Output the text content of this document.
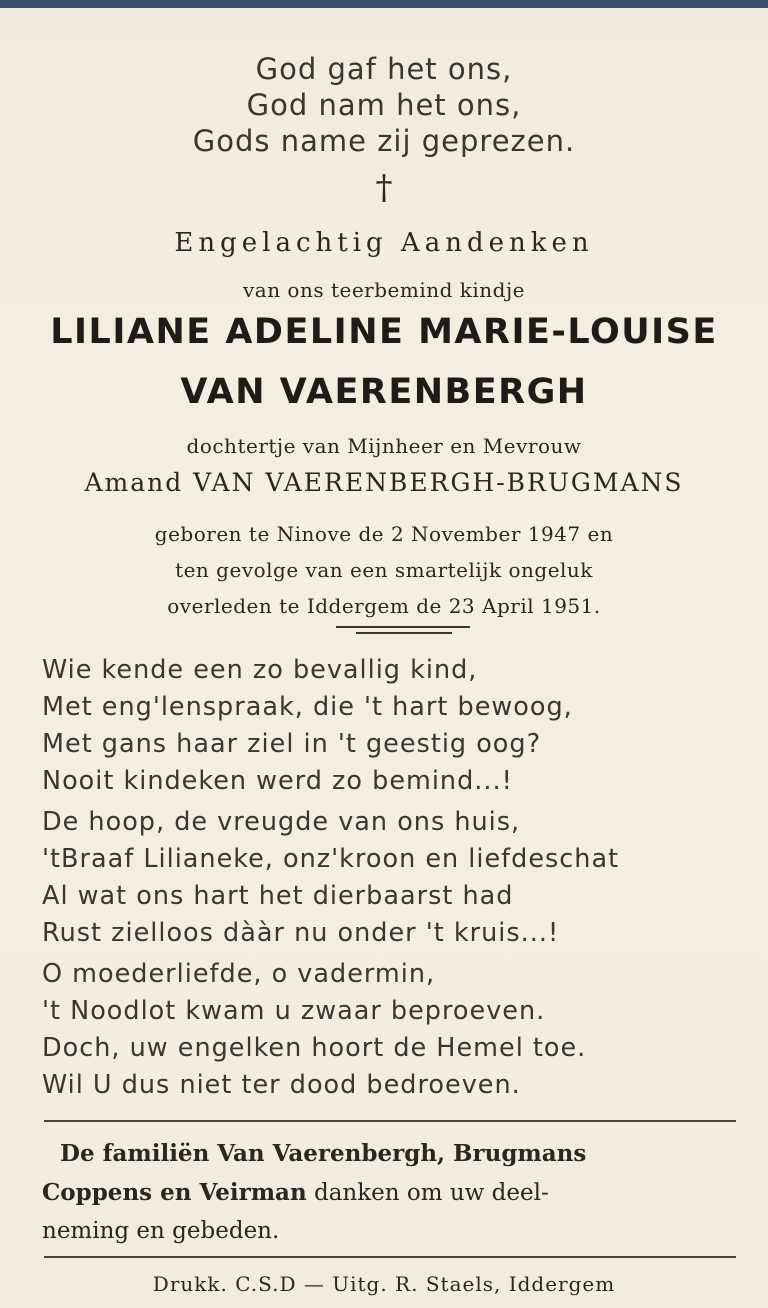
God gaf het ons,
God nam het ons,
Gods name zij geprezen.
†
Engelachtig Aandenken
van ons teerbemind kindje
LILIANE ADELINE MARIE-LOUISE
VAN VAERENBERGH
dochtertje van Mijnheer en Mevrouw
Amand VAN VAERENBERGH-BRUGMANS
geboren te Ninove de 2 November 1947 en
ten gevolge van een smartelijk ongeluk
overleden te Iddergem de 23 April 1951.
Wie kende een zo bevallig kind,
Met eng'lenspraak, die 't hart bewoog,
Met gans haar ziel in 't geestig oog?
Nooit kindeken werd zo bemind...!
De hoop, de vreugde van ons huis,
'tBraaf Lilianeke, onz'kroon en liefdeschat
Al wat ons hart het dierbaarst had
Rust zielloos dààr nu onder 't kruis...!
O moederliefde, o vadermin,
't Noodlot kwam u zwaar beproeven.
Doch, uw engelken hoort de Hemel toe.
Wil U dus niet ter dood bedroeven.
De familiën Van Vaerenbergh, Brugmans
Coppens en Veirman danken om uw deel-
neming en gebeden.
Drukk. C.S.D — Uitg. R. Staels, Iddergem
